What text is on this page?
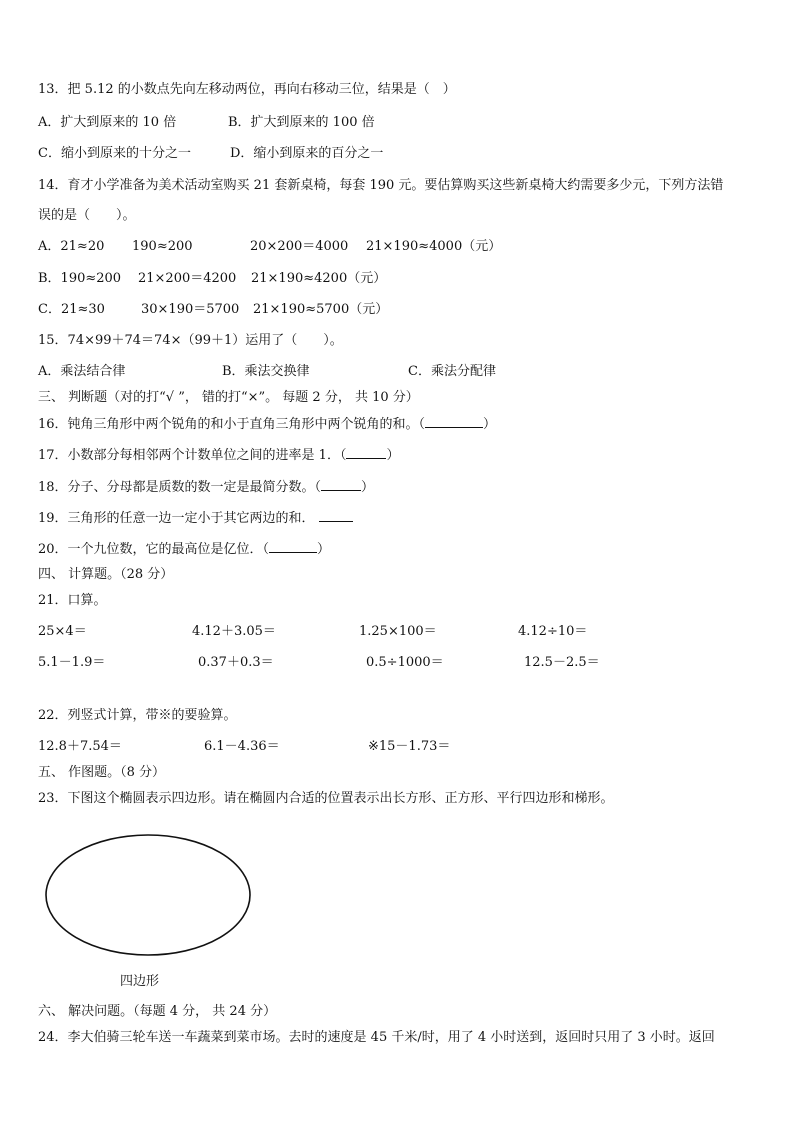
13．把 5.12 的小数点先向左移动两位，再向右移动三位，结果是（　）
A．扩大到原来的 10 倍	B．扩大到原来的 100 倍
C．缩小到原来的十分之一	D．缩小到原来的百分之一
14．育才小学准备为美术活动室购买 21 套新桌椅，每套 190 元。要估算购买这些新桌椅大约需要多少元，下列方法错
误的是（　　）。
A．21≈20 190≈200	20×200＝4000 21×190≈4000（元）
B．190≈200 21×200＝4200 21×190≈4200（元）
C．21≈30	30×190＝5700 21×190≈5700（元）
15．74×99＋74＝74×（99＋1）运用了（　　）。
A．乘法结合律	B．乘法交换律	C．乘法分配律
三、 判断题（对的打“√ ”， 错的打“×”。 每题 2 分， 共 10 分）
16．钝角三角形中两个锐角的和小于直角三角形中两个锐角的和。（	）
17．小数部分每相邻两个计数单位之间的进率是 1．（	）
18．分子、分母都是质数的数一定是最简分数。（	）
19．三角形的任意一边一定小于其它两边的和．
20．一个九位数，它的最高位是亿位．（	）
四、 计算题。（28 分）
21．口算。
25×4＝	4.12＋3.05＝	1.25×100＝	4.12÷10＝
5.1－1.9＝	0.37＋0.3＝	0.5÷1000＝	12.5－2.5＝
22．列竖式计算，带※的要验算。
12.8＋7.54＝	6.1－4.36＝	※15－1.73＝
五、 作图题。（8 分）
23．下图这个椭圆表示四边形。请在椭圆内合适的位置表示出长方形、正方形、平行四边形和梯形。
四边形
六、 解决问题。（每题 4 分， 共 24 分）
24．李大伯骑三轮车送一车蔬菜到菜市场。去时的速度是 45 千米/时，用了 4 小时送到，返回时只用了 3 小时。返回
